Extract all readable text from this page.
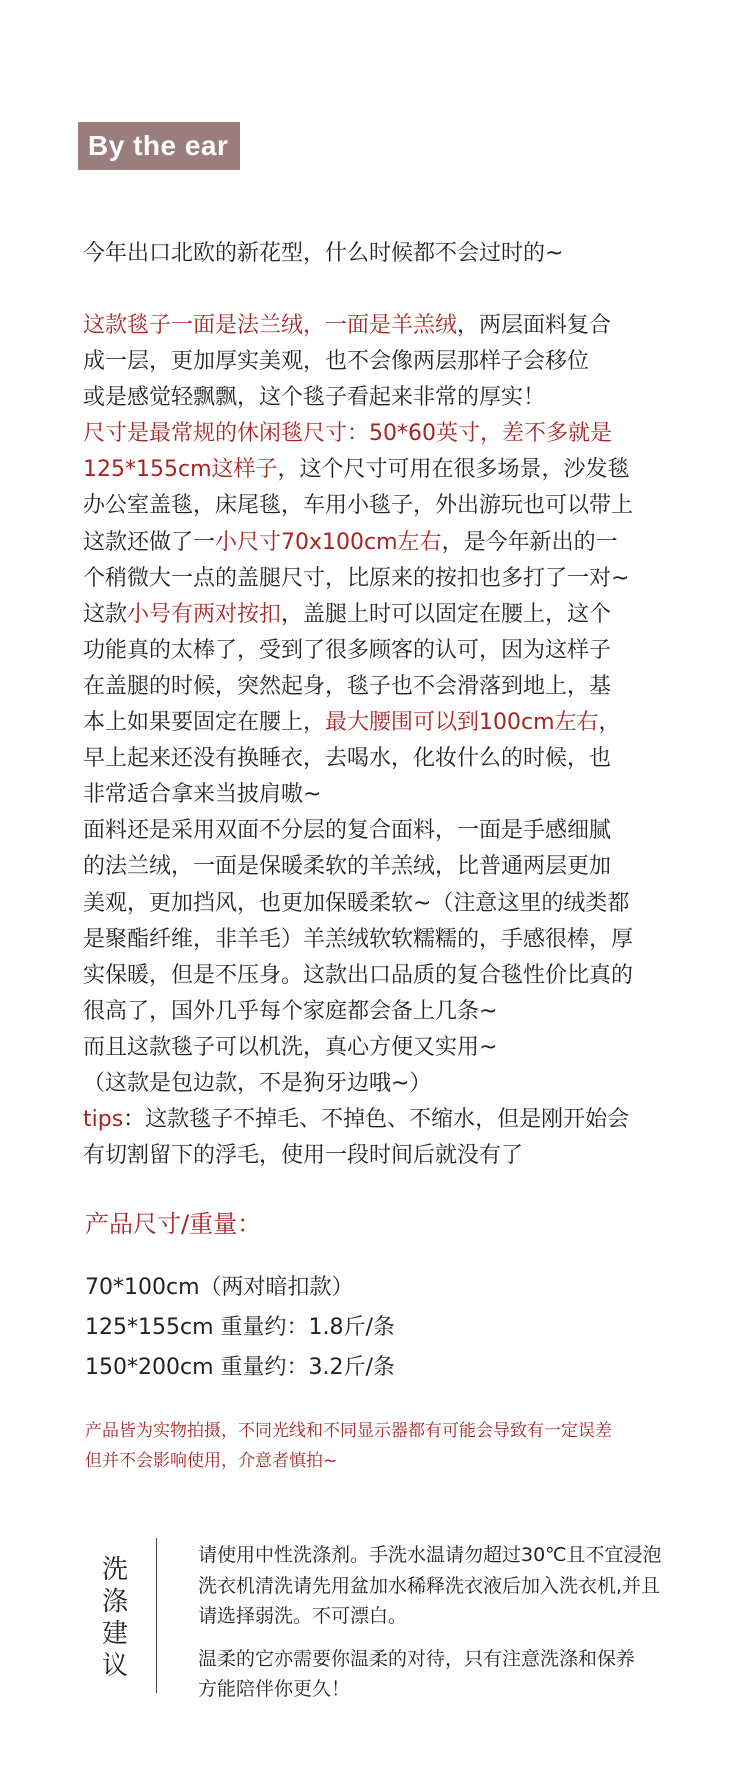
By the ear
今年出口北欧的新花型，什么时候都不会过时的~
这款毯子一面是法兰绒，一面是羊羔绒，两层面料复合
成一层，更加厚实美观，也不会像两层那样子会移位
或是感觉轻飘飘，这个毯子看起来非常的厚实！
尺寸是最常规的休闲毯尺寸：50*60英寸，差不多就是
125*155cm这样子，这个尺寸可用在很多场景，沙发毯
办公室盖毯，床尾毯，车用小毯子，外出游玩也可以带上
这款还做了一小尺寸70x100cm左右，是今年新出的一
个稍微大一点的盖腿尺寸，比原来的按扣也多打了一对~
这款小号有两对按扣，盖腿上时可以固定在腰上，这个
功能真的太棒了，受到了很多顾客的认可，因为这样子
在盖腿的时候，突然起身，毯子也不会滑落到地上，基
本上如果要固定在腰上，最大腰围可以到100cm左右，
早上起来还没有换睡衣，去喝水，化妆什么的时候，也
非常适合拿来当披肩嗷~
面料还是采用双面不分层的复合面料，一面是手感细腻
的法兰绒，一面是保暖柔软的羊羔绒，比普通两层更加
美观，更加挡风，也更加保暖柔软~（注意这里的绒类都
是聚酯纤维，非羊毛）羊羔绒软软糯糯的，手感很棒，厚
实保暖，但是不压身。这款出口品质的复合毯性价比真的
很高了，国外几乎每个家庭都会备上几条~
而且这款毯子可以机洗，真心方便又实用~
（这款是包边款，不是狗牙边哦~）
tips：这款毯子不掉毛、不掉色、不缩水，但是刚开始会
有切割留下的浮毛，使用一段时间后就没有了
产品尺寸/重量：
70*100cm（两对暗扣款）
125*155cm 重量约：1.8斤/条
150*200cm 重量约：3.2斤/条
产品皆为实物拍摄，不同光线和不同显示器都有可能会导致有一定误差
但并不会影响使用，介意者慎拍~
洗
涤
建
议
请使用中性洗涤剂。手洗水温请勿超过30℃且不宜浸泡
洗衣机清洗请先用盆加水稀释洗衣液后加入洗衣机,并且
请选择弱洗。不可漂白。
温柔的它亦需要你温柔的对待，只有注意洗涤和保养
方能陪伴你更久！
